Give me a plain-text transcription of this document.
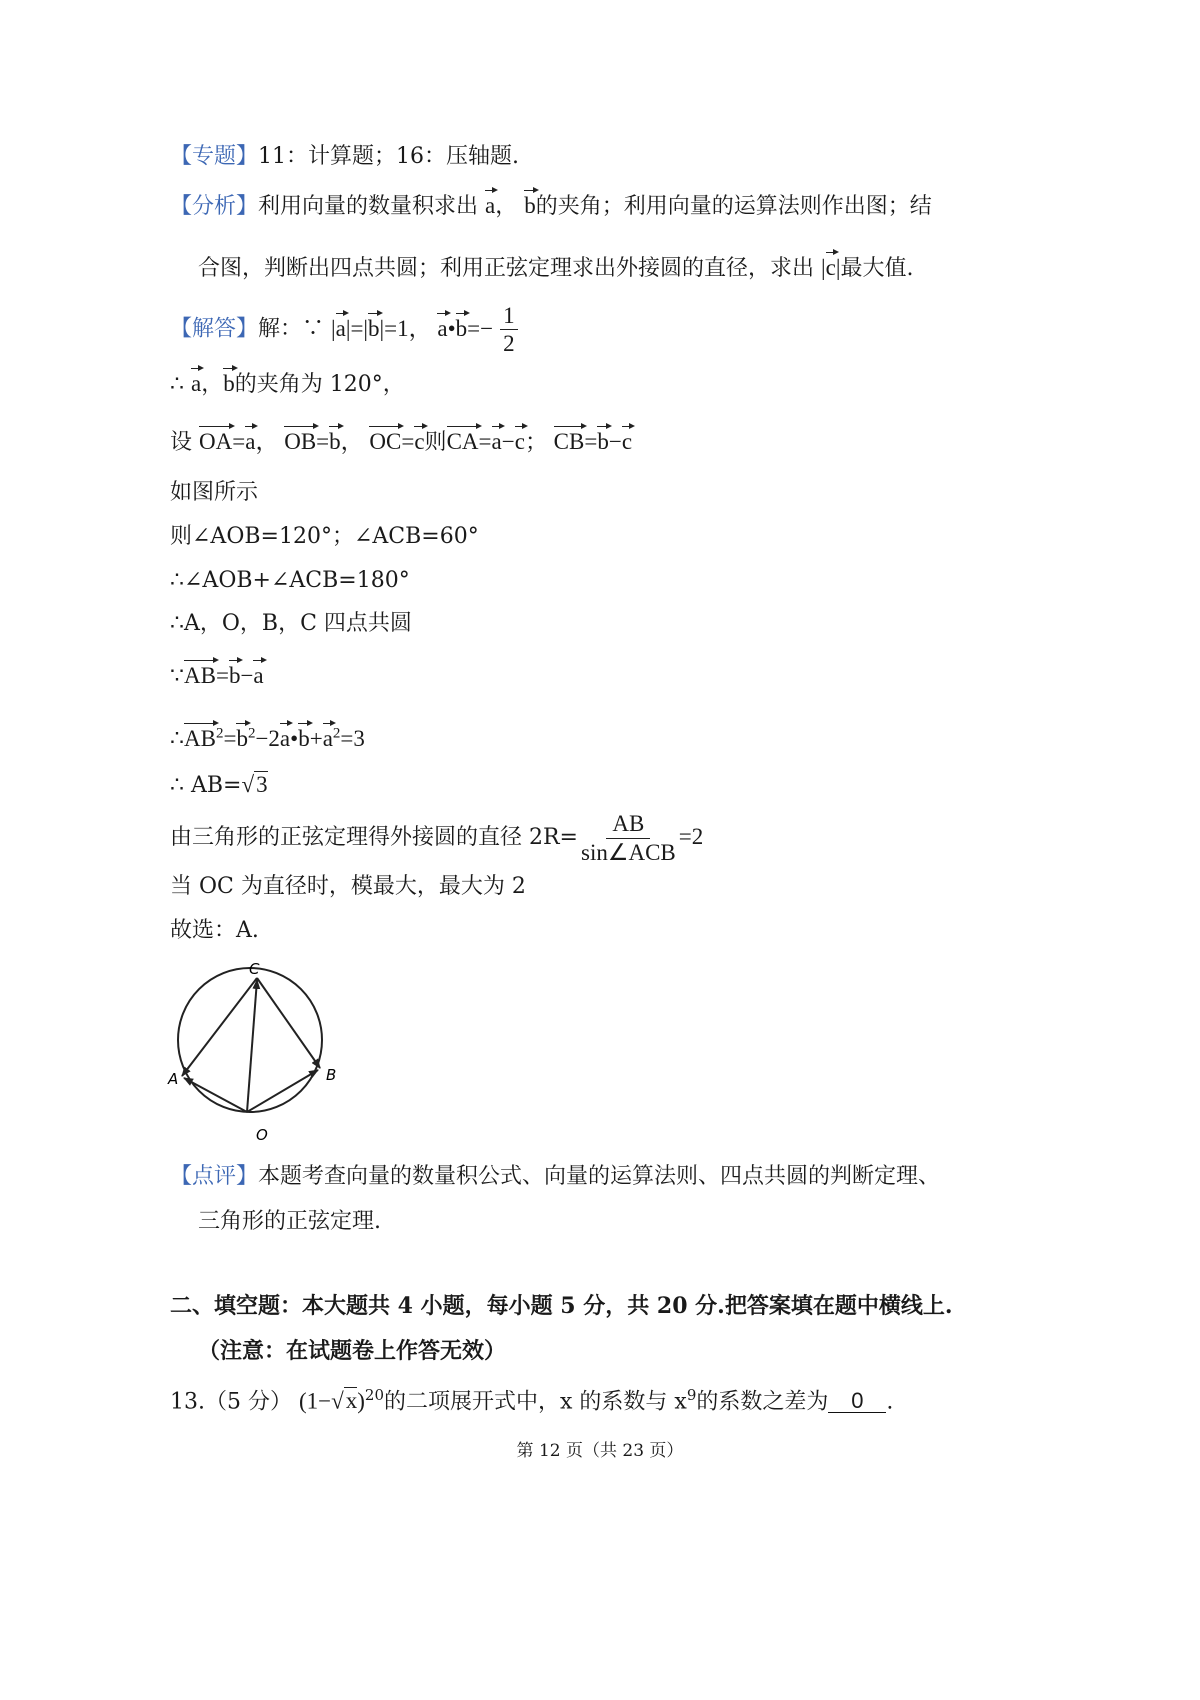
【专题】11：计算题；16：压轴题.
【分析】利用向量的数量积求出 a， b的夹角；利用向量的运算法则作出图；结
合图，判断出四点共圆；利用正弦定理求出外接圆的直径，求出 |c|最大值.
【解答】解：∵ |a|=|b|=1， a•b=− $\frac{1}{2}$
∴ a，b的夹角为 120°，
设 OA=a， OB=b， OC=c则CA=a−c； CB=b−c
如图所示
则∠AOB=120°；∠ACB=60°
∴∠AOB+∠ACB=180°
∴A，O，B，C 四点共圆
∵AB=b−a
$\therefore AB^2=b^2-2a•b+a^2=3$
∴ AB=√3
由三角形的正弦定理得外接圆的直径 $2R= \frac{AB}{\text{sin∠ACB}} =2$
当 OC 为直径时，模最大，最大为 2
故选：A.
C
A	B
O
【点评】本题考查向量的数量积公式、向量的运算法则、四点共圆的判断定理、
三角形的正弦定理.
二、填空题：本大题共 4 小题，每小题 5 分，共 20 分.把答案填在题中横线上.
（注意：在试题卷上作答无效）
13.（5 分） $(1-√x)^{20}$的二项展开式中，x 的系数与 $x^9$的系数之差为 0 .
第 12 页（共 23 页）
